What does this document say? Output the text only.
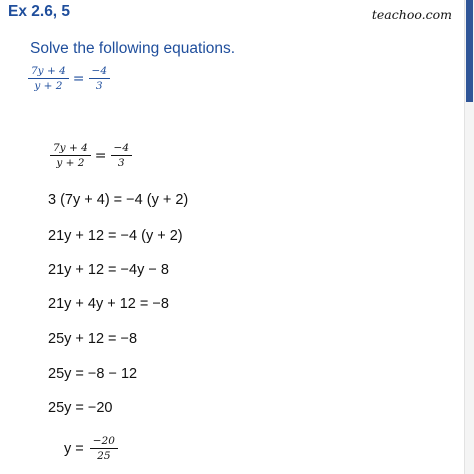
Ex 2.6, 5	teachoo.com
Solve the following equations.
$\frac{7y + 4}{y + 2} = \frac{-4}{3}$
$\frac{7y + 4}{y + 2} = \frac{-4}{3}$
3 (7y + 4) = −4 (y + 2)
21y + 12 = −4 (y + 2)
21y + 12 = −4y − 8
21y + 4y + 12 = −8
25y + 12 = −8
25y = −8 − 12
25y = −20
$y = \frac{-20}{25}$
